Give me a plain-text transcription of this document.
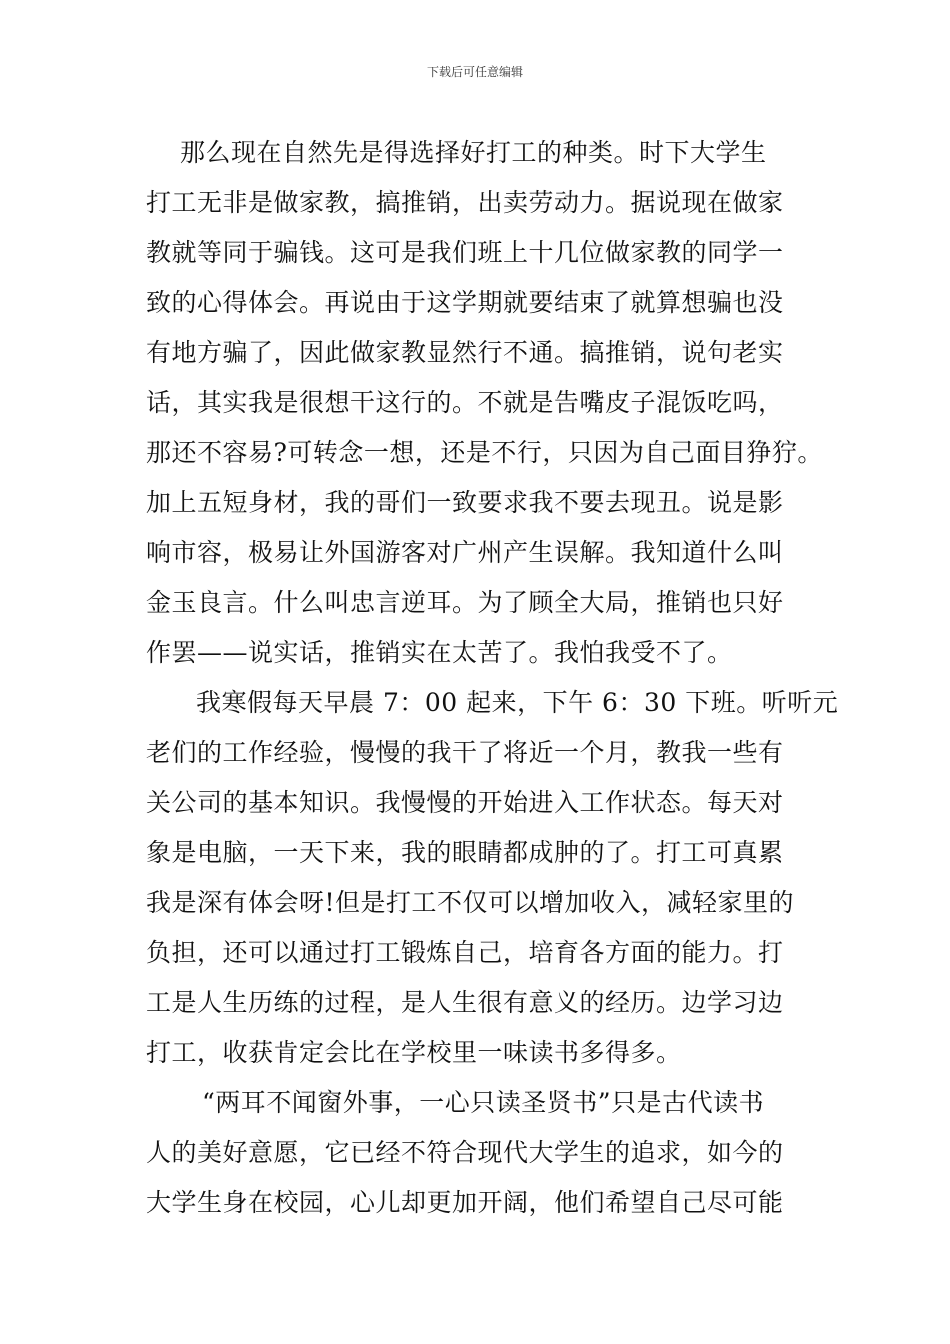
下载后可任意编辑
那么现在自然先是得选择好打工的种类。时下大学生
打工无非是做家教，搞推销，出卖劳动力。据说现在做家
教就等同于骗钱。这可是我们班上十几位做家教的同学一
致的心得体会。再说由于这学期就要结束了就算想骗也没
有地方骗了，因此做家教显然行不通。搞推销，说句老实
话，其实我是很想干这行的。不就是告嘴皮子混饭吃吗，
那还不容易?可转念一想，还是不行，只因为自己面目狰狞。
加上五短身材，我的哥们一致要求我不要去现丑。说是影
响市容，极易让外国游客对广州产生误解。我知道什么叫
金玉良言。什么叫忠言逆耳。为了顾全大局，推销也只好
作罢——说实话，推销实在太苦了。我怕我受不了。
我寒假每天早晨 7：00 起来，下午 6：30 下班。听听元
老们的工作经验，慢慢的我干了将近一个月，教我一些有
关公司的基本知识。我慢慢的开始进入工作状态。每天对
象是电脑，一天下来，我的眼睛都成肿的了。打工可真累
我是深有体会呀!但是打工不仅可以增加收入，减轻家里的
负担，还可以通过打工锻炼自己，培育各方面的能力。打
工是人生历练的过程，是人生很有意义的经历。边学习边
打工，收获肯定会比在学校里一味读书多得多。
“两耳不闻窗外事，一心只读圣贤书”只是古代读书
人的美好意愿，它已经不符合现代大学生的追求，如今的
大学生身在校园，心儿却更加开阔，他们希望自己尽可能
